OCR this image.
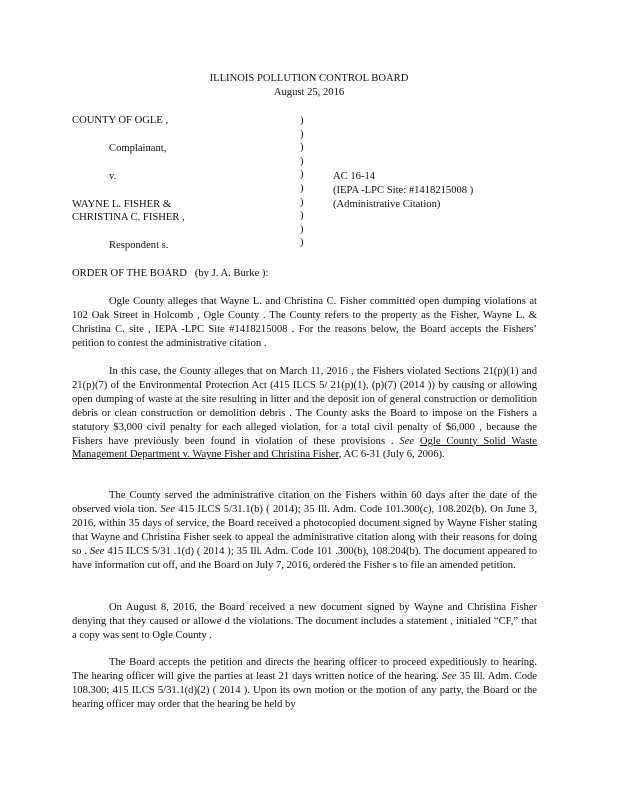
ILLINOIS POLLUTION CONTROL BOARD
August 25, 2016
COUNTY OF OGLE ,
Complainant,
v.
WAYNE L. FISHER &
CHRISTINA C. FISHER ,
Respondent s.
)
)
)
)
)
)
)
)
)
)
AC 16-14
(IEPA -LPC Site: #1418215008 )
(Administrative Citation)
ORDER OF THE BOARD (by J. A. Burke ):

Ogle County alleges that Wayne L. and Christina C. Fisher committed open dumping violations at 102 Oak Street in Holcomb , Ogle County . The County refers to the property as the Fisher, Wayne L. & Christina C. site , IEPA -LPC Site #1418215008 . For the reasons below, the Board accepts the Fishers’ petition to contest the administrative citation .

In this case, the County alleges that on March 11, 2016 , the Fishers violated Sections 21(p)(1) and 21(p)(7) of the Environmental Protection Act (415 ILCS 5/ 21(p)(1), (p)(7) (2014 )) by causing or allowing open dumping of waste at the site resulting in litter and the deposit ion of general construction or demolition debris or clean construction or demolition debris . The County asks the Board to impose on the Fishers a statutory $3,000 civil penalty for each alleged violation, for a total civil penalty of $6,000 , because the Fishers have previously been found in violation of these provisions . See Ogle County Solid Waste Management Department v. Wayne Fisher and Christina Fisher, AC 6-31 (July 6, 2006).

The County served the administrative citation on the Fishers within 60 days after the date of the observed viola tion. See 415 ILCS 5/31.1(b) ( 2014); 35 Ill. Adm. Code 101.300(c), 108.202(b). On June 3, 2016, within 35 days of service, the Board received a photocopied document signed by Wayne Fisher stating that Wayne and Christina Fisher seek to appeal the administrative citation along with their reasons for doing so . See 415 ILCS 5/31 .1(d) ( 2014 ); 35 Ill. Adm. Code 101 .300(b), 108.204(b). The document appeared to have information cut off, and the Board on July 7, 2016, ordered the Fisher s to file an amended petition.

On August 8, 2016, the Board received a new document signed by Wayne and Christina Fisher denying that they caused or allowe d the violations. The document includes a statement , initialed “CF,” that a copy was sent to Ogle County .

The Board accepts the petition and directs the hearing officer to proceed expeditiously to hearing. The hearing officer will give the parties at least 21 days written notice of the hearing. See 35 Ill. Adm. Code 108.300; 415 ILCS 5/31.1(d)(2) ( 2014 ). Upon its own motion or the motion of any party, the Board or the hearing officer may order that the hearing be held by
